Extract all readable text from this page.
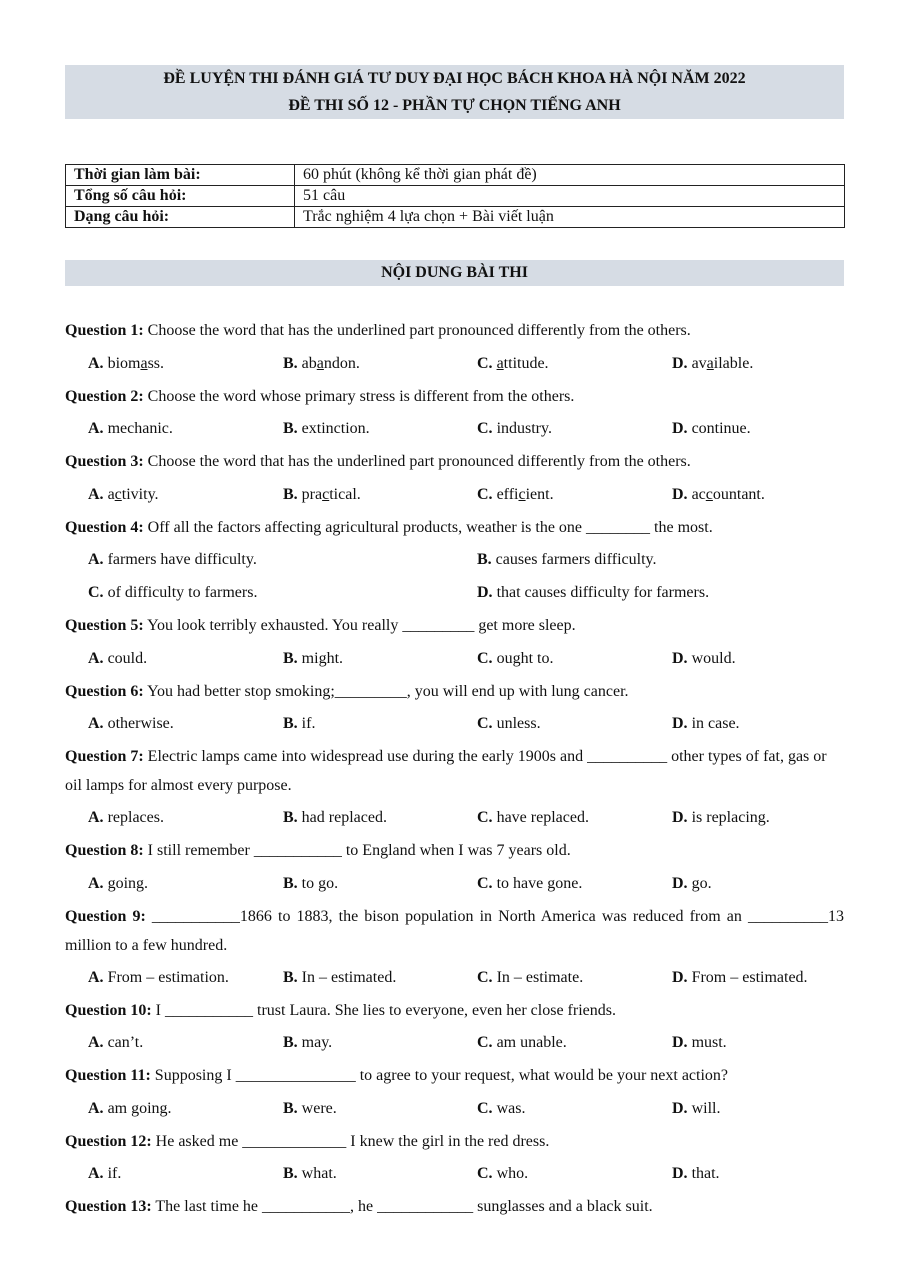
ĐỀ LUYỆN THI ĐÁNH GIÁ TƯ DUY ĐẠI HỌC BÁCH KHOA HÀ NỘI NĂM 2022
ĐỀ THI SỐ 12 - PHẦN TỰ CHỌN TIẾNG ANH
Thời gian làm bài:	60 phút (không kể thời gian phát đề)
Tổng số câu hỏi:	51 câu
Dạng câu hỏi:	Trắc nghiệm 4 lựa chọn + Bài viết luận
NỘI DUNG BÀI THI
Question 1: Choose the word that has the underlined part pronounced differently from the others.
A. biomass.	B. abandon.	C. attitude.	D. available.
Question 2: Choose the word whose primary stress is different from the others.
A. mechanic.	B. extinction.	C. industry.	D. continue.
Question 3: Choose the word that has the underlined part pronounced differently from the others.
A. activity.	B. practical.	C. efficient.	D. accountant.
Question 4: Off all the factors affecting agricultural products, weather is the one ________ the most.
A. farmers have difficulty.	B. causes farmers difficulty.
C. of difficulty to farmers.	D. that causes difficulty for farmers.
Question 5: You look terribly exhausted. You really _________ get more sleep.
A. could.	B. might.	C. ought to.	D. would.
Question 6: You had better stop smoking;_________, you will end up with lung cancer.
A. otherwise.	B. if.	C. unless.	D. in case.
Question 7: Electric lamps came into widespread use during the early 1900s and __________ other types of fat, gas or oil lamps for almost every purpose.
A. replaces.	B. had replaced.	C. have replaced.	D. is replacing.
Question 8: I still remember ___________ to England when I was 7 years old.
A. going.	B. to go.	C. to have gone.	D. go.
Question 9: ___________1866 to 1883, the bison population in North America was reduced from an __________13 million to a few hundred.
A. From – estimation.	B. In – estimated.	C. In – estimate.	D. From – estimated.
Question 10: I ___________ trust Laura. She lies to everyone, even her close friends.
A. can’t.	B. may.	C. am unable.	D. must.
Question 11: Supposing I _______________ to agree to your request, what would be your next action?
A. am going.	B. were.	C. was.	D. will.
Question 12: He asked me _____________ I knew the girl in the red dress.
A. if.	B. what.	C. who.	D. that.
Question 13: The last time he ___________, he ____________ sunglasses and a black suit.
